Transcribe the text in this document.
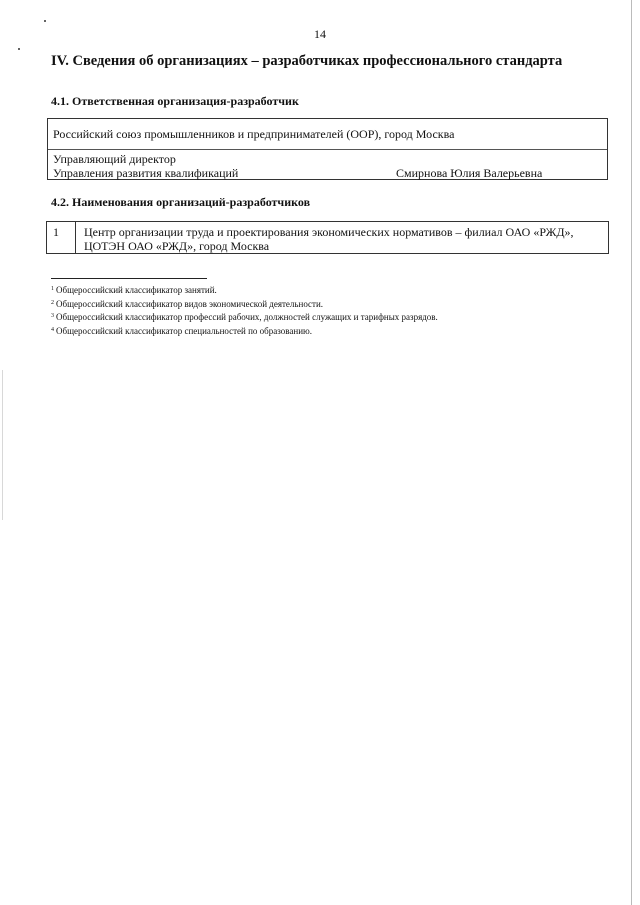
14
IV. Сведения об организациях – разработчиках профессионального стандарта
4.1. Ответственная организация-разработчик
Российский союз промышленников и предпринимателей (ООР), город Москва
Управляющий директор
Управления развития квалификаций	Смирнова Юлия Валерьевна
4.2. Наименования организаций-разработчиков
1 Центр организации труда и проектирования экономических нормативов – филиал ОАО «РЖД», ЦОТЭН ОАО «РЖД», город Москва
$^1$ Общероссийский классификатор занятий.
$^2$ Общероссийский классификатор видов экономической деятельности.
$^3$ Общероссийский классификатор профессий рабочих, должностей служащих и тарифных разрядов.
$^4$ Общероссийский классификатор специальностей по образованию.
